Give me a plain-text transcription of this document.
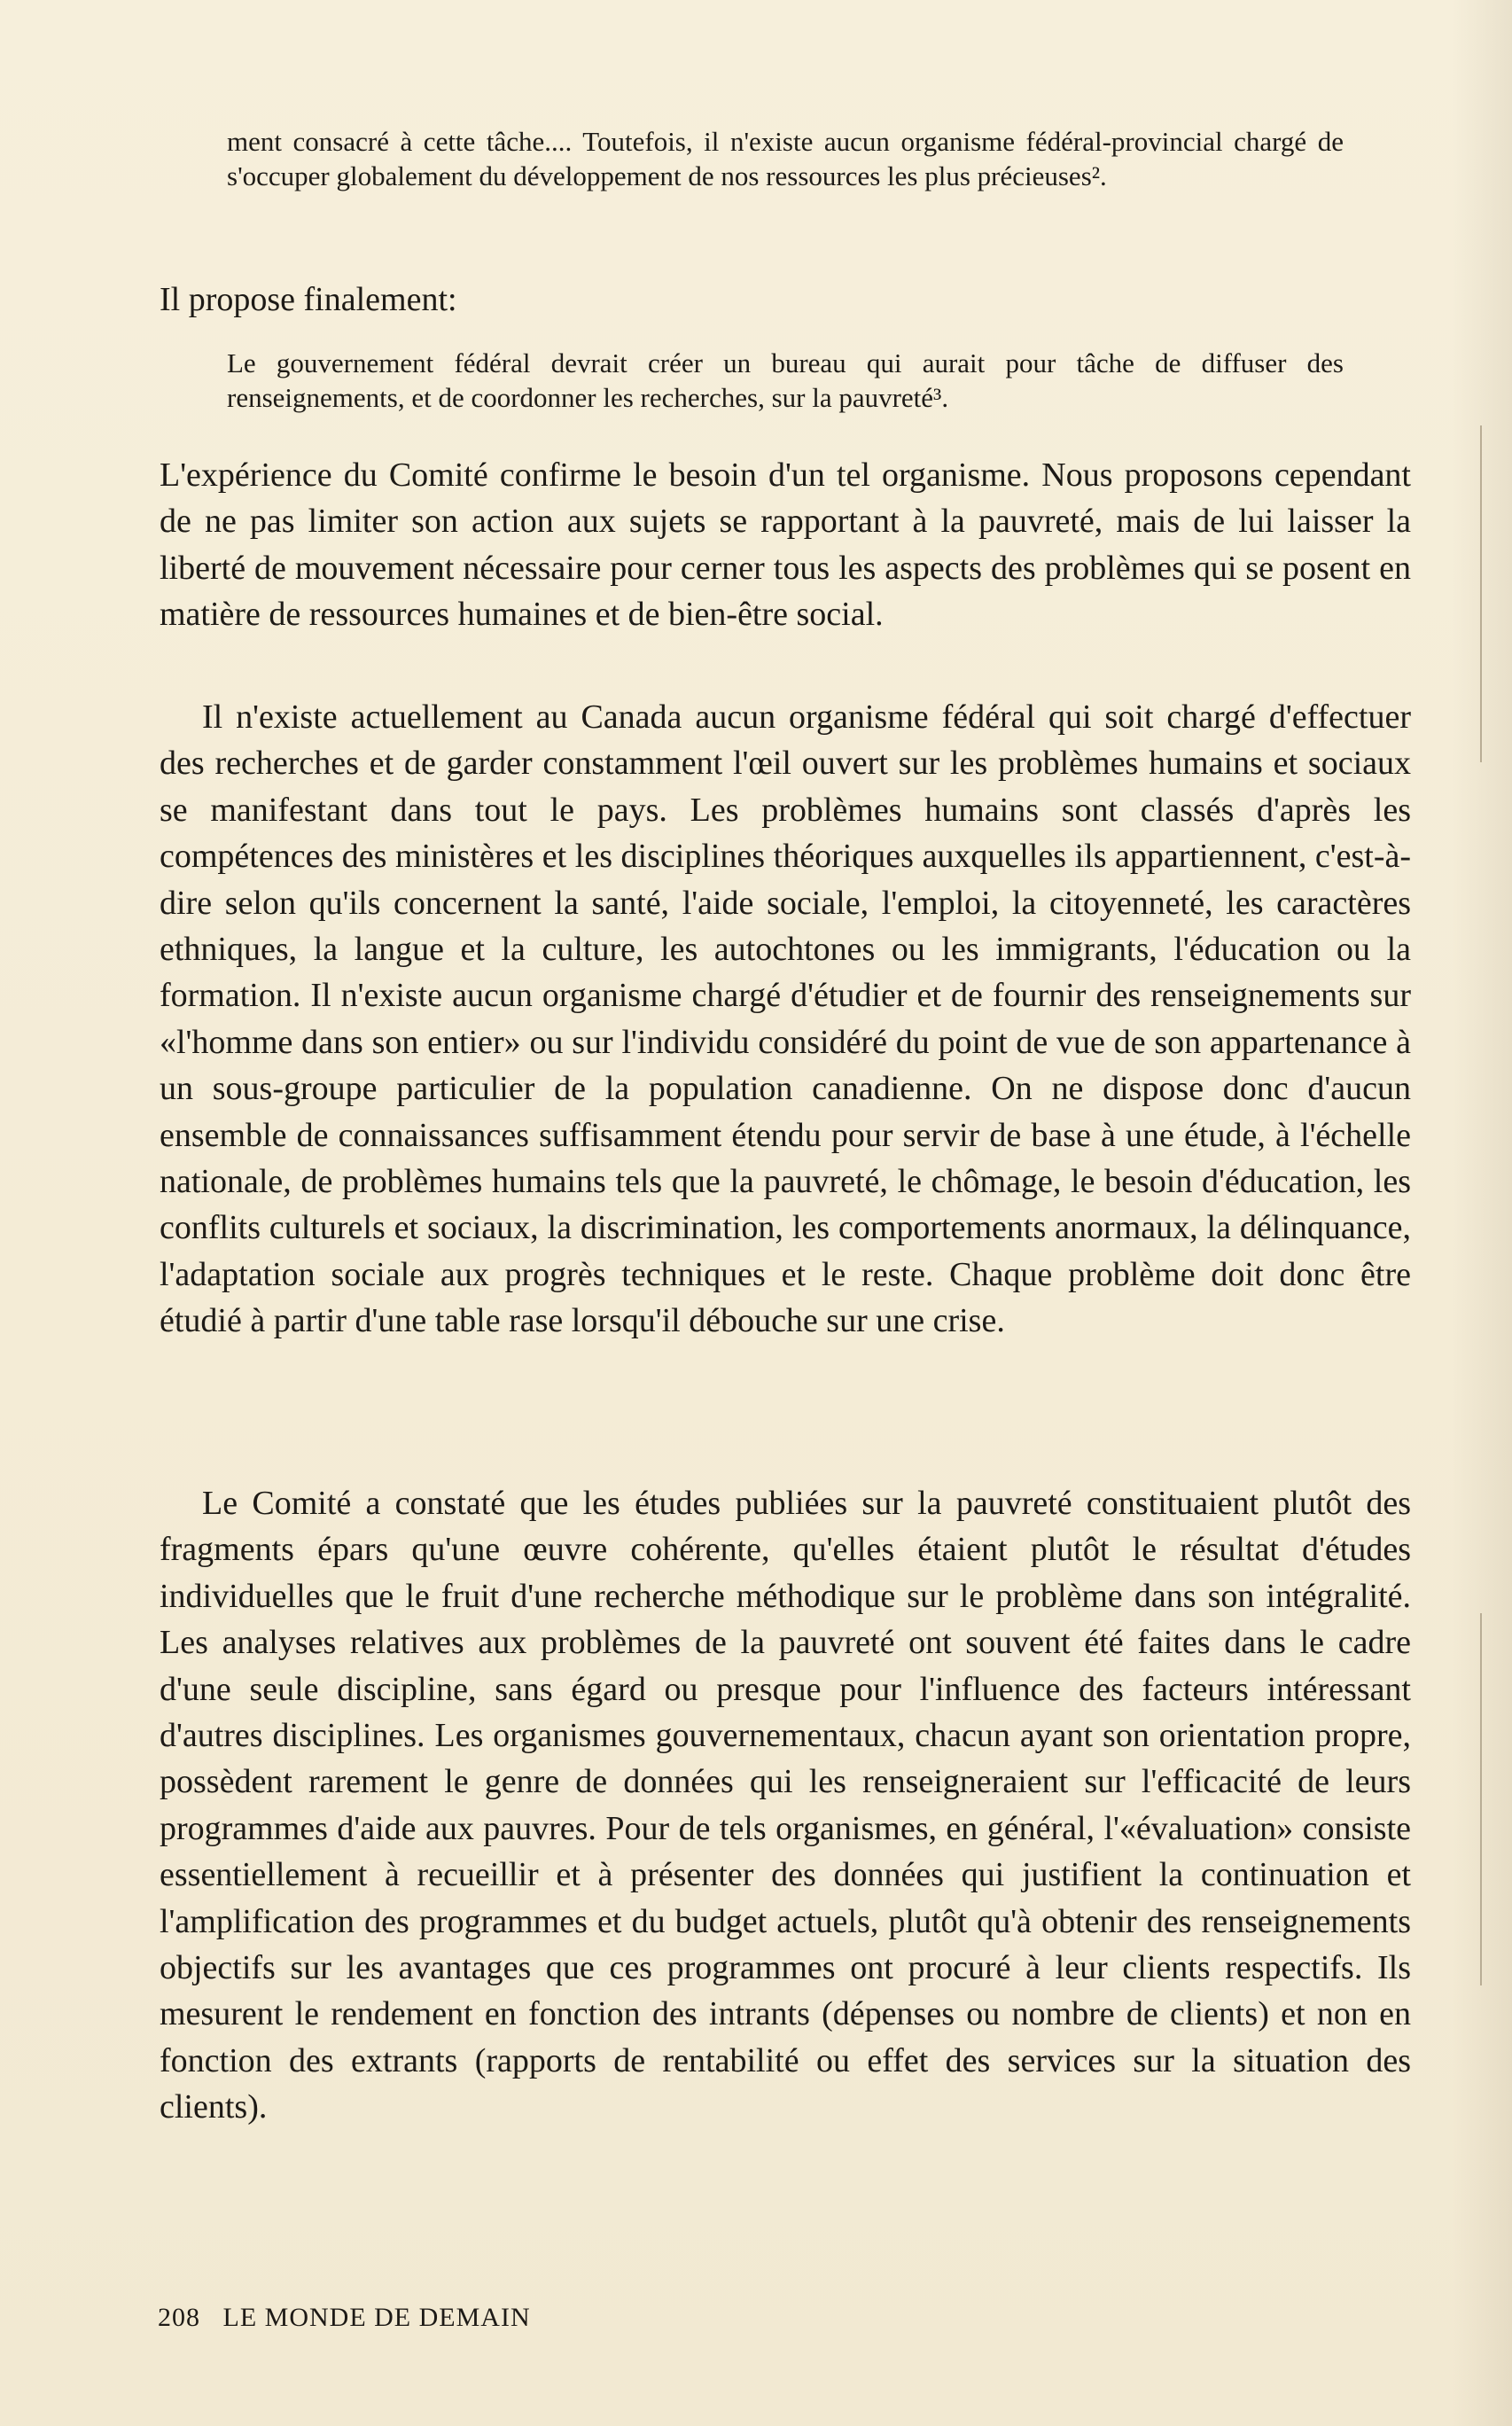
ment consacré à cette tâche.... Toutefois, il n'existe aucun organisme fédéral-provincial chargé de s'occuper globalement du développement de nos ressources les plus précieuses².
Il propose finalement:
Le gouvernement fédéral devrait créer un bureau qui aurait pour tâche de diffuser des renseignements, et de coordonner les recherches, sur la pauvreté³.
L'expérience du Comité confirme le besoin d'un tel organisme. Nous proposons cependant de ne pas limiter son action aux sujets se rapportant à la pauvreté, mais de lui laisser la liberté de mouvement nécessaire pour cerner tous les aspects des problèmes qui se posent en matière de ressources humaines et de bien-être social.
Il n'existe actuellement au Canada aucun organisme fédéral qui soit chargé d'effectuer des recherches et de garder constamment l'œil ouvert sur les problèmes humains et sociaux se manifestant dans tout le pays. Les problèmes humains sont classés d'après les compétences des ministères et les disciplines théoriques auxquelles ils appartiennent, c'est-à-dire selon qu'ils concernent la santé, l'aide sociale, l'emploi, la citoyenneté, les caractères ethniques, la langue et la culture, les autochtones ou les immigrants, l'éducation ou la formation. Il n'existe aucun organisme chargé d'étudier et de fournir des renseignements sur «l'homme dans son entier» ou sur l'individu considéré du point de vue de son appartenance à un sous-groupe particulier de la population canadienne. On ne dispose donc d'aucun ensemble de connaissances suffisamment étendu pour servir de base à une étude, à l'échelle nationale, de problèmes humains tels que la pauvreté, le chômage, le besoin d'éducation, les conflits culturels et sociaux, la discrimination, les comportements anormaux, la délinquance, l'adaptation sociale aux progrès techniques et le reste. Chaque problème doit donc être étudié à partir d'une table rase lorsqu'il débouche sur une crise.
Le Comité a constaté que les études publiées sur la pauvreté constituaient plutôt des fragments épars qu'une œuvre cohérente, qu'elles étaient plutôt le résultat d'études individuelles que le fruit d'une recherche méthodique sur le problème dans son intégralité. Les analyses relatives aux problèmes de la pauvreté ont souvent été faites dans le cadre d'une seule discipline, sans égard ou presque pour l'influence des facteurs intéressant d'autres disciplines. Les organismes gouvernementaux, chacun ayant son orientation propre, possèdent rarement le genre de données qui les renseigneraient sur l'efficacité de leurs programmes d'aide aux pauvres. Pour de tels organismes, en général, l'«évaluation» consiste essentiellement à recueillir et à présenter des données qui justifient la continuation et l'amplification des programmes et du budget actuels, plutôt qu'à obtenir des renseignements objectifs sur les avantages que ces programmes ont procuré à leur clients respectifs. Ils mesurent le rendement en fonction des intrants (dépenses ou nombre de clients) et non en fonction des extrants (rapports de rentabilité ou effet des services sur la situation des clients).
208 LE MONDE DE DEMAIN
